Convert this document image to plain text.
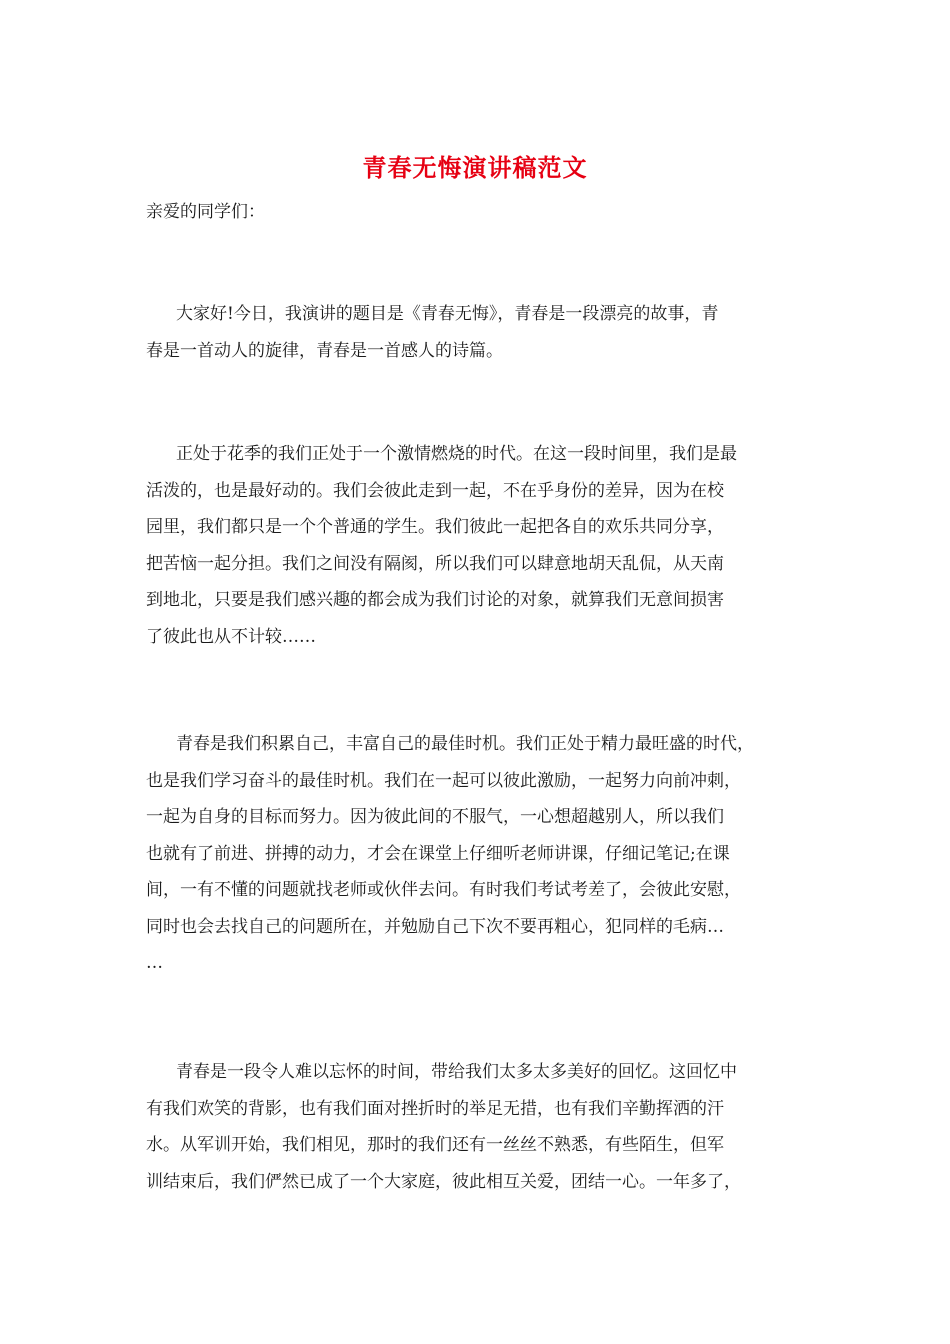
青春无悔演讲稿范文
亲爱的同学们：
大家好!今日，我演讲的题目是《青春无悔》，青春是一段漂亮的故事，青
春是一首动人的旋律，青春是一首感人的诗篇。
正处于花季的我们正处于一个激情燃烧的时代。在这一段时间里，我们是最
活泼的，也是最好动的。我们会彼此走到一起，不在乎身份的差异，因为在校
园里，我们都只是一个个普通的学生。我们彼此一起把各自的欢乐共同分享，
把苦恼一起分担。我们之间没有隔阂，所以我们可以肆意地胡天乱侃，从天南
到地北，只要是我们感兴趣的都会成为我们讨论的对象，就算我们无意间损害
了彼此也从不计较……
青春是我们积累自己，丰富自己的最佳时机。我们正处于精力最旺盛的时代，
也是我们学习奋斗的最佳时机。我们在一起可以彼此激励，一起努力向前冲刺，
一起为自身的目标而努力。因为彼此间的不服气，一心想超越别人，所以我们
也就有了前进、拼搏的动力，才会在课堂上仔细听老师讲课，仔细记笔记;在课
间，一有不懂的问题就找老师或伙伴去问。有时我们考试考差了，会彼此安慰，
同时也会去找自己的问题所在，并勉励自己下次不要再粗心，犯同样的毛病…
…
青春是一段令人难以忘怀的时间，带给我们太多太多美好的回忆。这回忆中
有我们欢笑的背影，也有我们面对挫折时的举足无措，也有我们辛勤挥洒的汗
水。从军训开始，我们相见，那时的我们还有一丝丝不熟悉，有些陌生，但军
训结束后，我们俨然已成了一个大家庭，彼此相互关爱，团结一心。一年多了，
